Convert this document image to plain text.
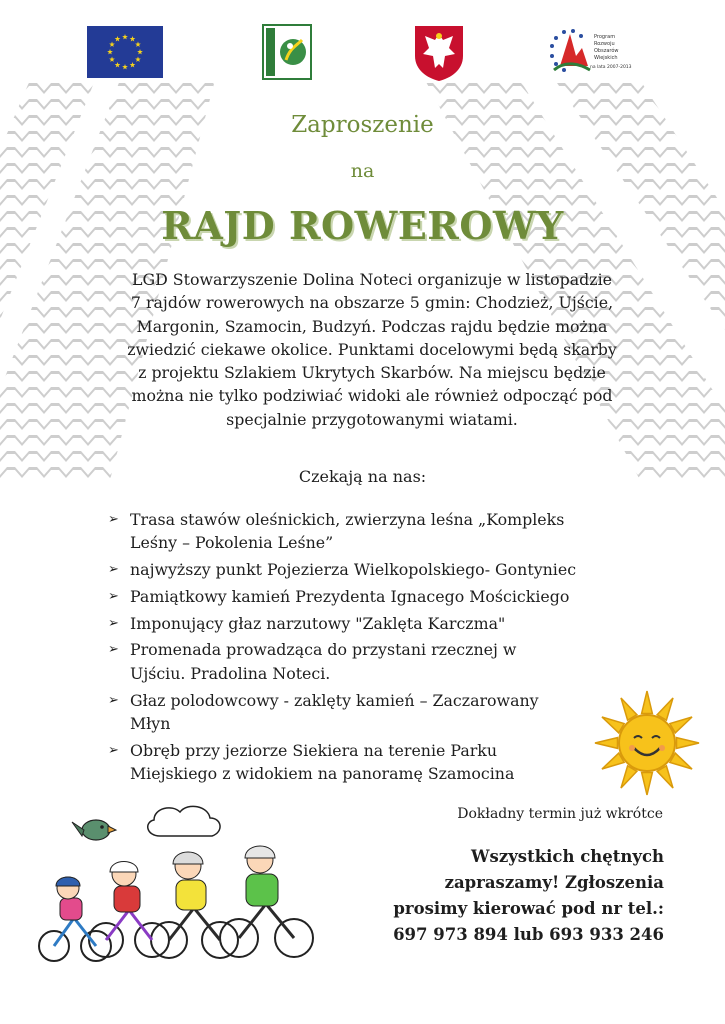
Program
Rozwoju
Obszarów
Wiejskich
na lata 2007-2013
Zaproszenie
na
RAJD ROWEROWY
LGD Stowarzyszenie Dolina Noteci organizuje w listopadzie
7 rajdów rowerowych na obszarze 5 gmin: Chodzież, Ujście,
Margonin, Szamocin, Budzyń. Podczas rajdu będzie można
zwiedzić ciekawe okolice. Punktami docelowymi będą skarby
z projektu Szlakiem Ukrytych Skarbów. Na miejscu będzie
można nie tylko podziwiać widoki ale również odpocząć pod
specjalnie przygotowanymi wiatami.
Czekają na nas:
➢ Trasa stawów oleśnickich, zwierzyna leśna „Kompleks
Leśny – Pokolenia Leśne”
➢ najwyższy punkt Pojezierza Wielkopolskiego- Gontyniec
➢ Pamiątkowy kamień Prezydenta Ignacego Mościckiego
➢ Imponujący głaz narzutowy "Zaklęta Karczma"
➢ Promenada prowadząca do przystani rzecznej w
Ujściu. Pradolina Noteci.
➢ Głaz polodowcowy - zaklęty kamień – Zaczarowany
Młyn
➢ Obręb przy jeziorze Siekiera na terenie Parku
Miejskiego z widokiem na panoramę Szamocina
Dokładny termin już wkrótce
Wszystkich chętnych
zapraszamy! Zgłoszenia
prosimy kierować pod nr tel.:
697 973 894 lub 693 933 246
